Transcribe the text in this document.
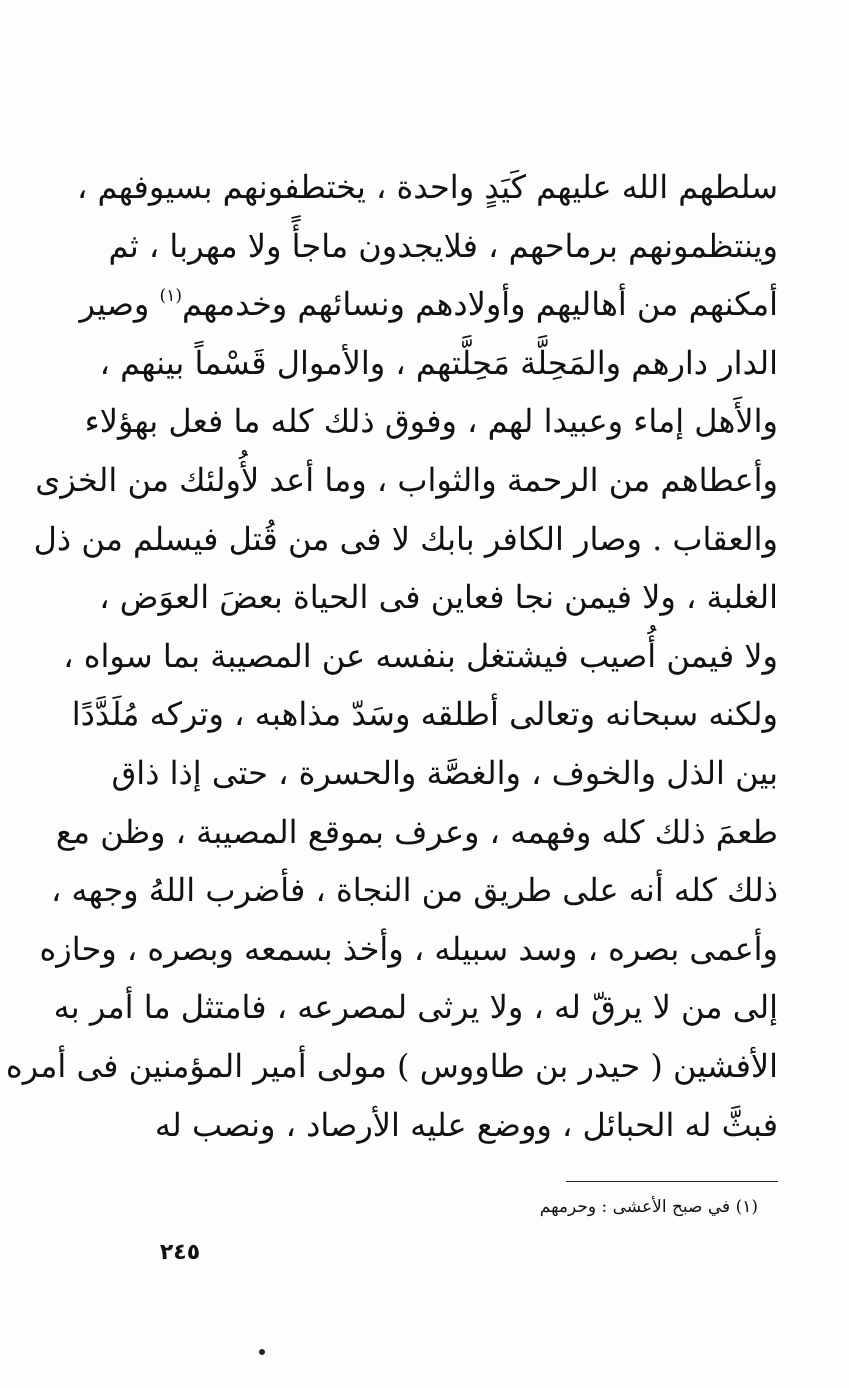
سلطهم الله عليهم كَيَدٍ واحدة ، يختطفونهم بسيوفهم ،
وينتظمونهم برماحهم ، فلايجدون ماجأً ولا مهربا ، ثم
أمكنهم من أهاليهم وأولادهم ونسائهم وخدمهم$^{(١)}$ وصير
الدار دارهم والمَحِلَّة مَحِلَّتهم ، والأموال قَسْماً بينهم ،
والأَهل إماء وعبيدا لهم ، وفوق ذلك كله ما فعل بهؤلاء
وأعطاهم من الرحمة والثواب ، وما أعد لأُولئك من الخزى
والعقاب . وصار الكافر بابك لا فى من قُتل فيسلم من ذل
الغلبة ، ولا فيمن نجا فعاين فى الحياة بعضَ العوَض ،
ولا فيمن أُصيب فيشتغل بنفسه عن المصيبة بما سواه ،
ولكنه سبحانه وتعالى أطلقه وسَدّ مذاهبه ، وتركه مُلَدَّدًا
بين الذل والخوف ، والغصَّة والحسرة ، حتى إذا ذاق
طعمَ ذلك كله وفهمه ، وعرف بموقع المصيبة ، وظن مع
ذلك كله أنه على طريق من النجاة ، فأضرب اللهُ وجهه ،
وأعمى بصره ، وسد سبيله ، وأخذ بسمعه وبصره ، وحازه
إلى من لا يرقّ له ، ولا يرثى لمصرعه ، فامتثل ما أمر به
الأفشين ( حيدر بن طاووس ) مولى أمير المؤمنين فى أمره
فبثَّ له الحبائل ، ووضع عليه الأرصاد ، ونصب له
(١) في صبح الأعشى : وحرمهم
٢٤٥
